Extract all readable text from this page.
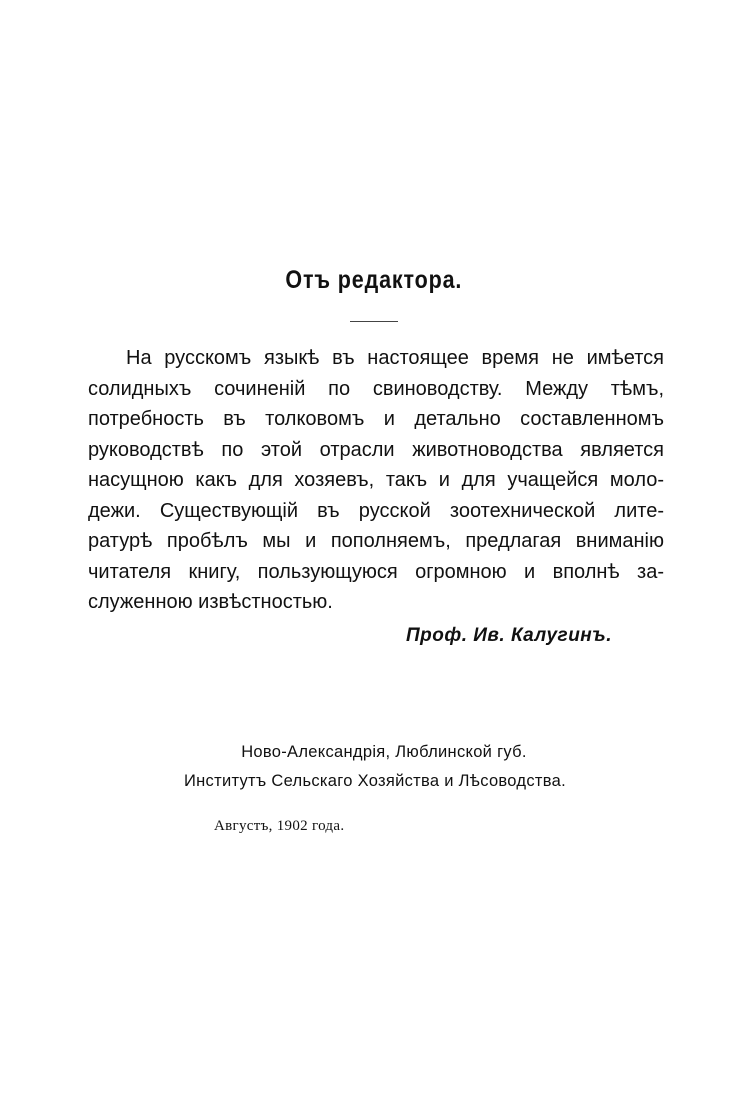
Отъ редактора.
На русскомъ языкѣ въ настоящее время не имѣется
солидныхъ сочиненій по свиноводству. Между тѣмъ,
потребность въ толковомъ и детально составленномъ
руководствѣ по этой отрасли животноводства является
насущною какъ для хозяевъ, такъ и для учащейся моло-
дежи. Существующій въ русской зоотехнической лите-
ратурѣ пробѣлъ мы и пополняемъ, предлагая вниманію
читателя книгу, пользующуюся огромною и вполнѣ за-
служенною извѣстностью.
Проф. Ив. Калугинъ.
Ново-Александрія, Люблинской губ.
Институтъ Сельскаго Хозяйства и Лѣсоводства.
Августъ, 1902 года.
